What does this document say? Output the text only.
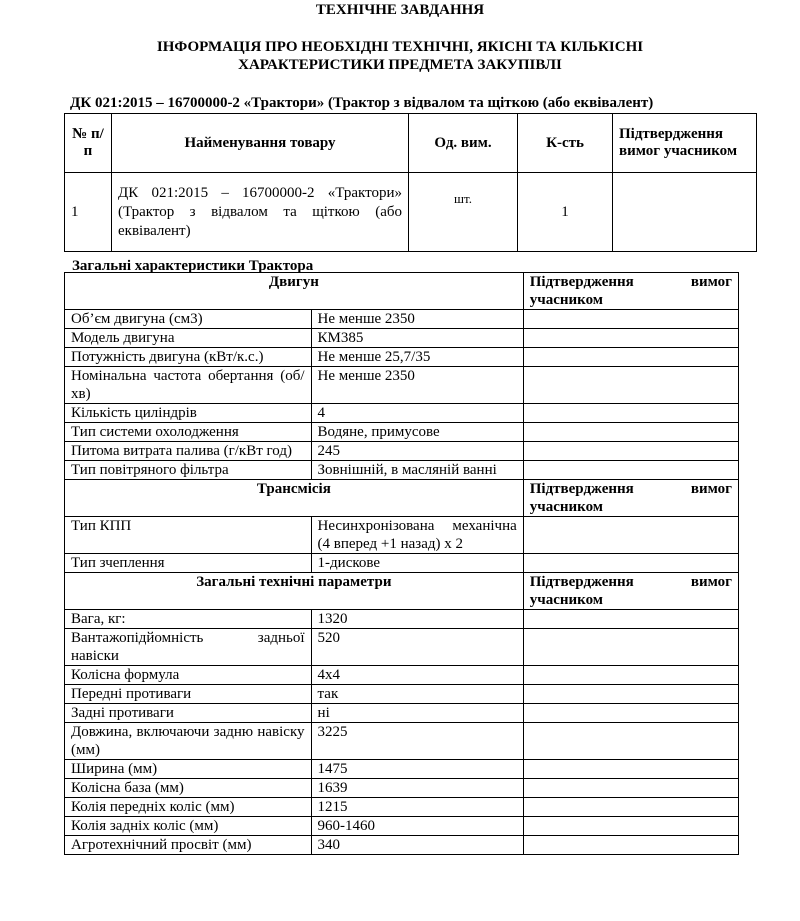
ТЕХНІЧНЕ ЗАВДАННЯ
ІНФОРМАЦІЯ ПРО НЕОБХІДНІ ТЕХНІЧНІ, ЯКІСНІ ТА КІЛЬКІСНІ
ХАРАКТЕРИСТИКИ ПРЕДМЕТА ЗАКУПІВЛІ
ДК 021:2015 – 16700000-2 «Трактори» (Трактор з відвалом та щіткою (або еквівалент)
№ п/п	Найменування товару	Од. вим.	К-сть	Підтвердження вимог учасником
1	ДК 021:2015 – 16700000-2 «Трактори» (Трактор з відвалом та щіткою (або еквівалент)	шт.	1	
Загальні характеристики Трактора
Двигун		Підтвердження вимог
учасником
Об’єм двигуна (см3)	Не менше 2350	
Модель двигуна	КМ385	
Потужність двигуна (кВт/к.с.)	Не менше 25,7/35	
Номінальна частота обертання (об/хв)	Не менше 2350	
Кількість циліндрів	4	
Тип системи охолодження	Водяне, примусове	
Питома витрата палива (г/кВт год)	245	
Тип повітряного фільтра	Зовнішній, в масляній ванні	
Трансмісія		Підтвердження вимог
учасником
Тип КПП	Несинхронізована механічна (4 вперед +1 назад) х 2	
Тип зчеплення	1-дискове	
Загальні технічні параметри		Підтвердження вимог
учасником
Вага, кг:	1320	
Вантажопідйомність задньої навіски	520	
Колісна формула	4х4	
Передні противаги	так	
Задні противаги	ні	
Довжина, включаючи задню навіску (мм)	3225	
Ширина (мм)	1475	
Колісна база (мм)	1639	
Колія передніх коліс (мм)	1215	
Колія задніх коліс (мм)	960-1460	
Агротехнічний просвіт (мм)	340	
